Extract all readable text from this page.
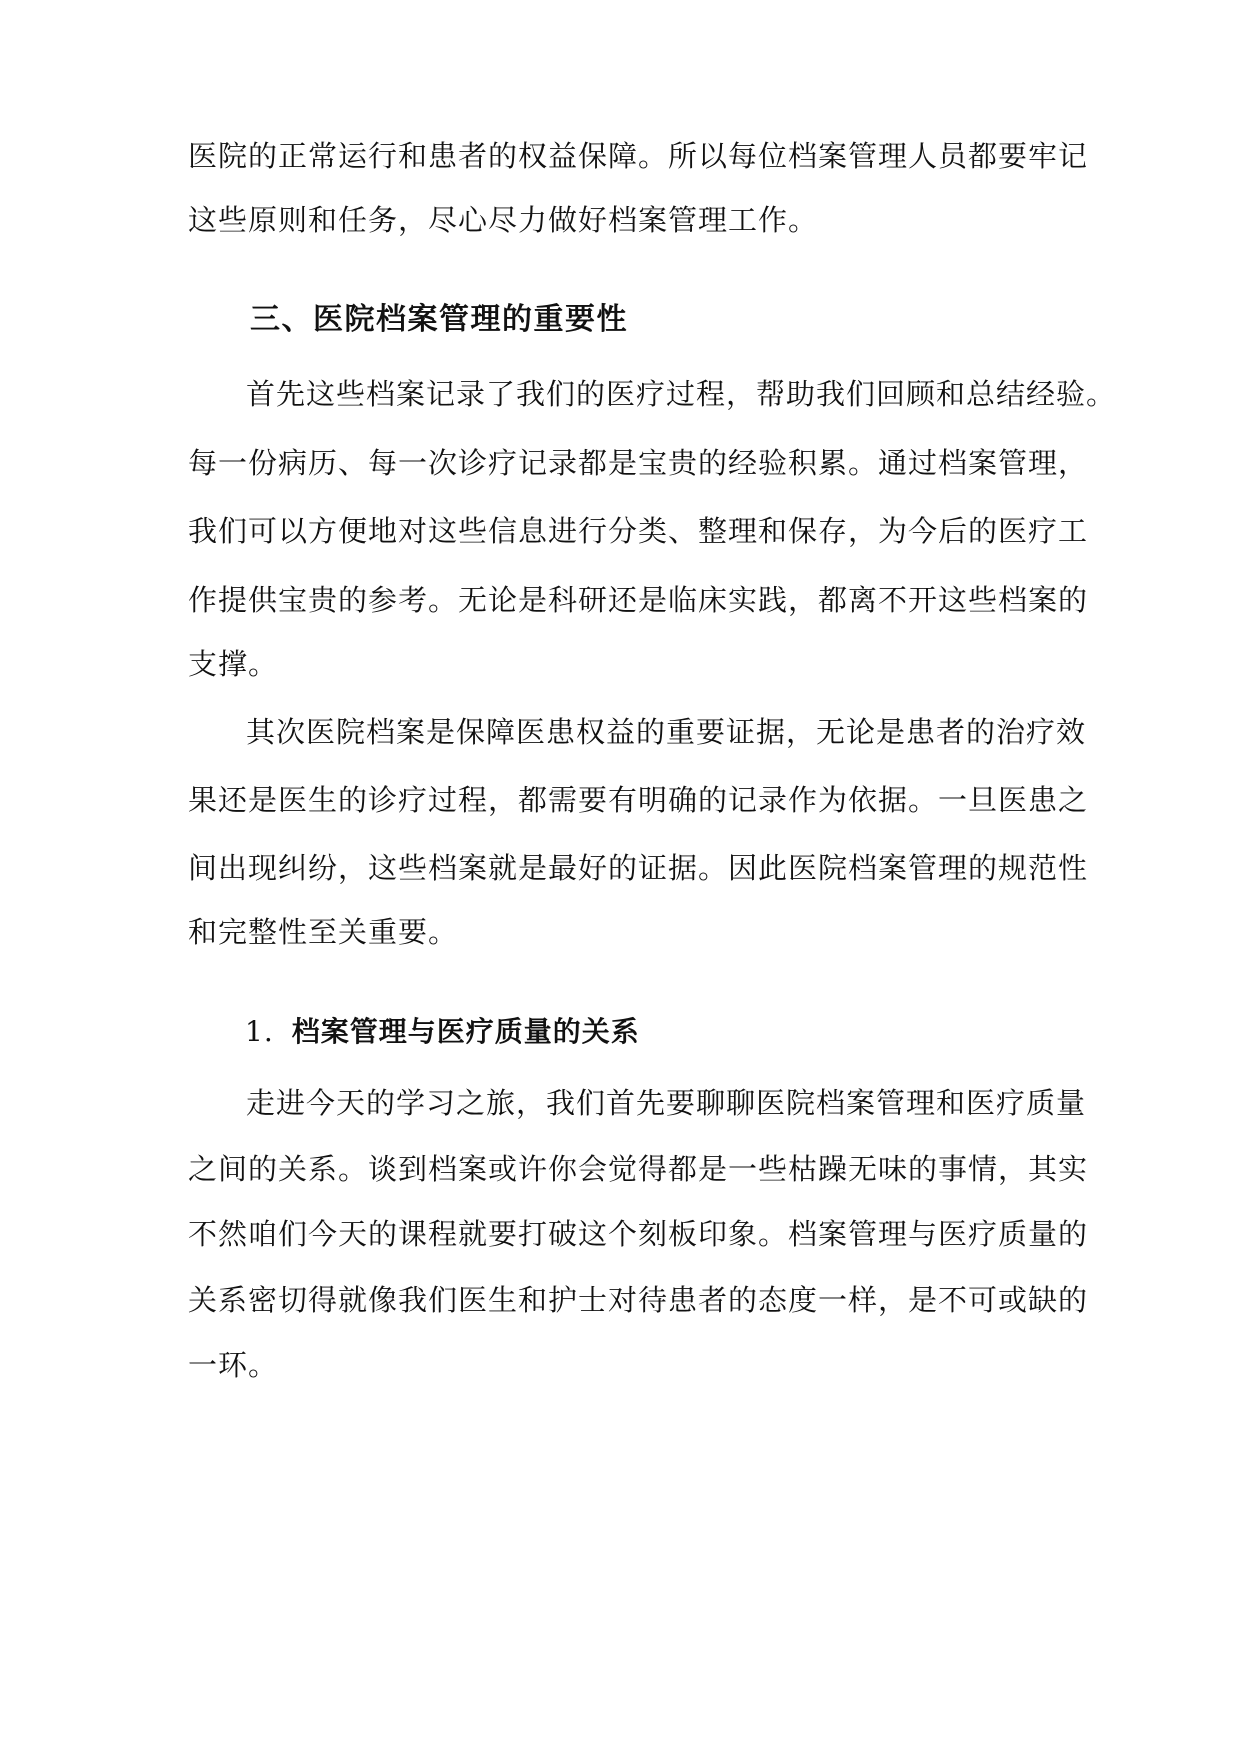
医院的正常运行和患者的权益保障。所以每位档案管理人员都要牢记
这些原则和任务，尽心尽力做好档案管理工作。
三、医院档案管理的重要性
首先这些档案记录了我们的医疗过程，帮助我们回顾和总结经验。
每一份病历、每一次诊疗记录都是宝贵的经验积累。通过档案管理，
我们可以方便地对这些信息进行分类、整理和保存，为今后的医疗工
作提供宝贵的参考。无论是科研还是临床实践，都离不开这些档案的
支撑。
其次医院档案是保障医患权益的重要证据，无论是患者的治疗效
果还是医生的诊疗过程，都需要有明确的记录作为依据。一旦医患之
间出现纠纷，这些档案就是最好的证据。因此医院档案管理的规范性
和完整性至关重要。
1. 档案管理与医疗质量的关系
走进今天的学习之旅，我们首先要聊聊医院档案管理和医疗质量
之间的关系。谈到档案或许你会觉得都是一些枯躁无味的事情，其实
不然咱们今天的课程就要打破这个刻板印象。档案管理与医疗质量的
关系密切得就像我们医生和护士对待患者的态度一样，是不可或缺的
一环。
